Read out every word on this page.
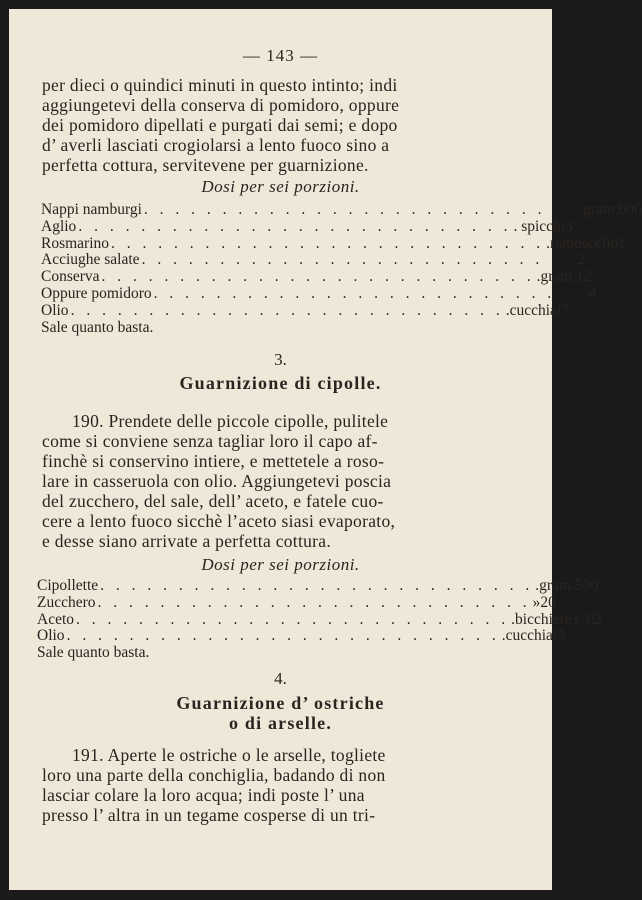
— 143 —
per dieci o quindici minuti in questo intinto; indi
aggiungetevi della conserva di pomidoro, oppure
dei pomidoro dipellati e purgati dai semi; e dopo
d’ averli lasciati crogiolarsi a lento fuoco sino a
perfetta cottura, servitevene per guarnizione.
Dosi per sei porzioni.
Nappi namburgi . . . . . . . . . . . . . . . . . . . . . . . . . . . . .gram. 600
Aglio . . . . . . . . . . . . . . . . . . . . . . . . . . . . . spicchi 3
Rosmarino . . . . . . . . . . . . . . . . . . . . . . . . . . . . .ramoscello 1
Acciughe salate . . . . . . . . . . . . . . . . . . . . . . . . . . . . 2
Conserva . . . . . . . . . . . . . . . . . . . . . . . . . . . . .gram. 12
Oppure pomidoro . . . . . . . . . . . . . . . . . . . . . . . . . . . . 4
Olio . . . . . . . . . . . . . . . . . . . . . . . . . . . . .cucchiai 7
Sale quanto basta.
3.
Guarnizione di cipolle.
190. Prendete delle piccole cipolle, pulitele
come si conviene senza tagliar loro il capo af-
finchè si conservino intiere, e mettetele a roso-
lare in casseruola con olio. Aggiungetevi poscia
del zucchero, del sale, dell’ aceto, e fatele cuo-
cere a lento fuoco sicchè l’aceto siasi evaporato,
e desse siano arrivate a perfetta cottura.
Dosi per sei porzioni.
Cipollette . . . . . . . . . . . . . . . . . . . . . . . . . . . . .gram. 500
Zucchero . . . . . . . . . . . . . . . . . . . . . . . . . . . . » 20
Aceto . . . . . . . . . . . . . . . . . . . . . . . . . . . . .bicchiere 1 1|2
Olio . . . . . . . . . . . . . . . . . . . . . . . . . . . . .cucchiai 5
Sale quanto basta.
4.
Guarnizione d’ ostriche
o di arselle.
191. Aperte le ostriche o le arselle, togliete
loro una parte della conchiglia, badando di non
lasciar colare la loro acqua; indi poste l’ una
presso l’ altra in un tegame cosperse di un tri-
